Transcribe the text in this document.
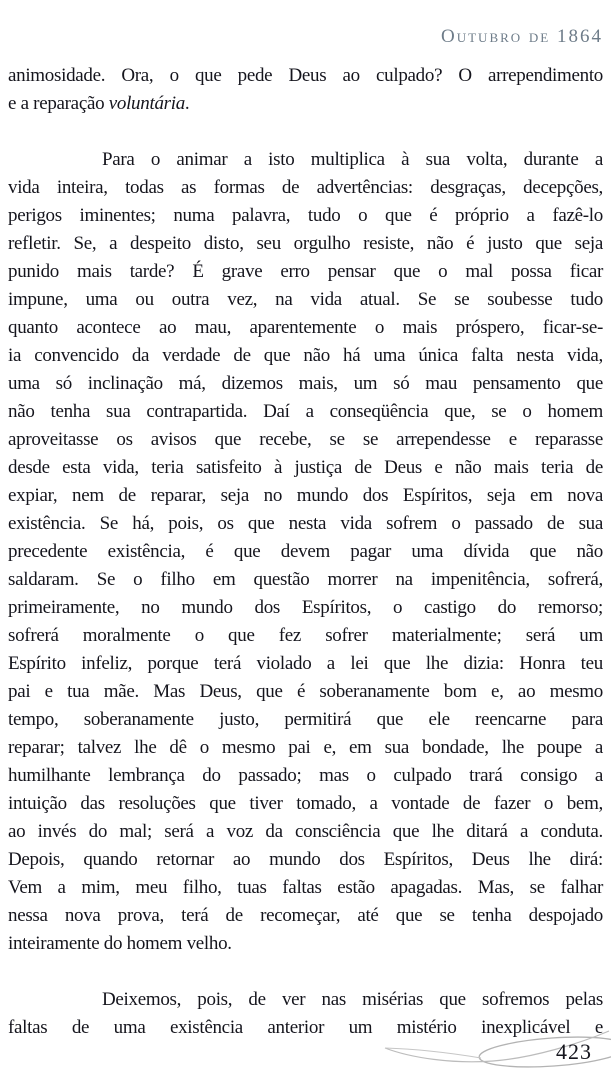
Outubro de 1864

animosidade. Ora, o que pede Deus ao culpado? O arrependimento
e a reparação voluntária.

Para o animar a isto multiplica à sua volta, durante a
vida inteira, todas as formas de advertências: desgraças, decepções,
perigos iminentes; numa palavra, tudo o que é próprio a fazê-lo
refletir. Se, a despeito disto, seu orgulho resiste, não é justo que seja
punido mais tarde? É grave erro pensar que o mal possa ficar
impune, uma ou outra vez, na vida atual. Se se soubesse tudo
quanto acontece ao mau, aparentemente o mais próspero, ficar-se-
ia convencido da verdade de que não há uma única falta nesta vida,
uma só inclinação má, dizemos mais, um só mau pensamento que
não tenha sua contrapartida. Daí a conseqüência que, se o homem
aproveitasse os avisos que recebe, se se arrependesse e reparasse
desde esta vida, teria satisfeito à justiça de Deus e não mais teria de
expiar, nem de reparar, seja no mundo dos Espíritos, seja em nova
existência. Se há, pois, os que nesta vida sofrem o passado de sua
precedente existência, é que devem pagar uma dívida que não
saldaram. Se o filho em questão morrer na impenitência, sofrerá,
primeiramente, no mundo dos Espíritos, o castigo do remorso;
sofrerá moralmente o que fez sofrer materialmente; será um
Espírito infeliz, porque terá violado a lei que lhe dizia: Honra teu
pai e tua mãe. Mas Deus, que é soberanamente bom e, ao mesmo
tempo, soberanamente justo, permitirá que ele reencarne para
reparar; talvez lhe dê o mesmo pai e, em sua bondade, lhe poupe a
humilhante lembrança do passado; mas o culpado trará consigo a
intuição das resoluções que tiver tomado, a vontade de fazer o bem,
ao invés do mal; será a voz da consciência que lhe ditará a conduta.
Depois, quando retornar ao mundo dos Espíritos, Deus lhe dirá:
Vem a mim, meu filho, tuas faltas estão apagadas. Mas, se falhar
nessa nova prova, terá de recomeçar, até que se tenha despojado
inteiramente do homem velho.

Deixemos, pois, de ver nas misérias que sofremos pelas
faltas de uma existência anterior um mistério inexplicável e

423
